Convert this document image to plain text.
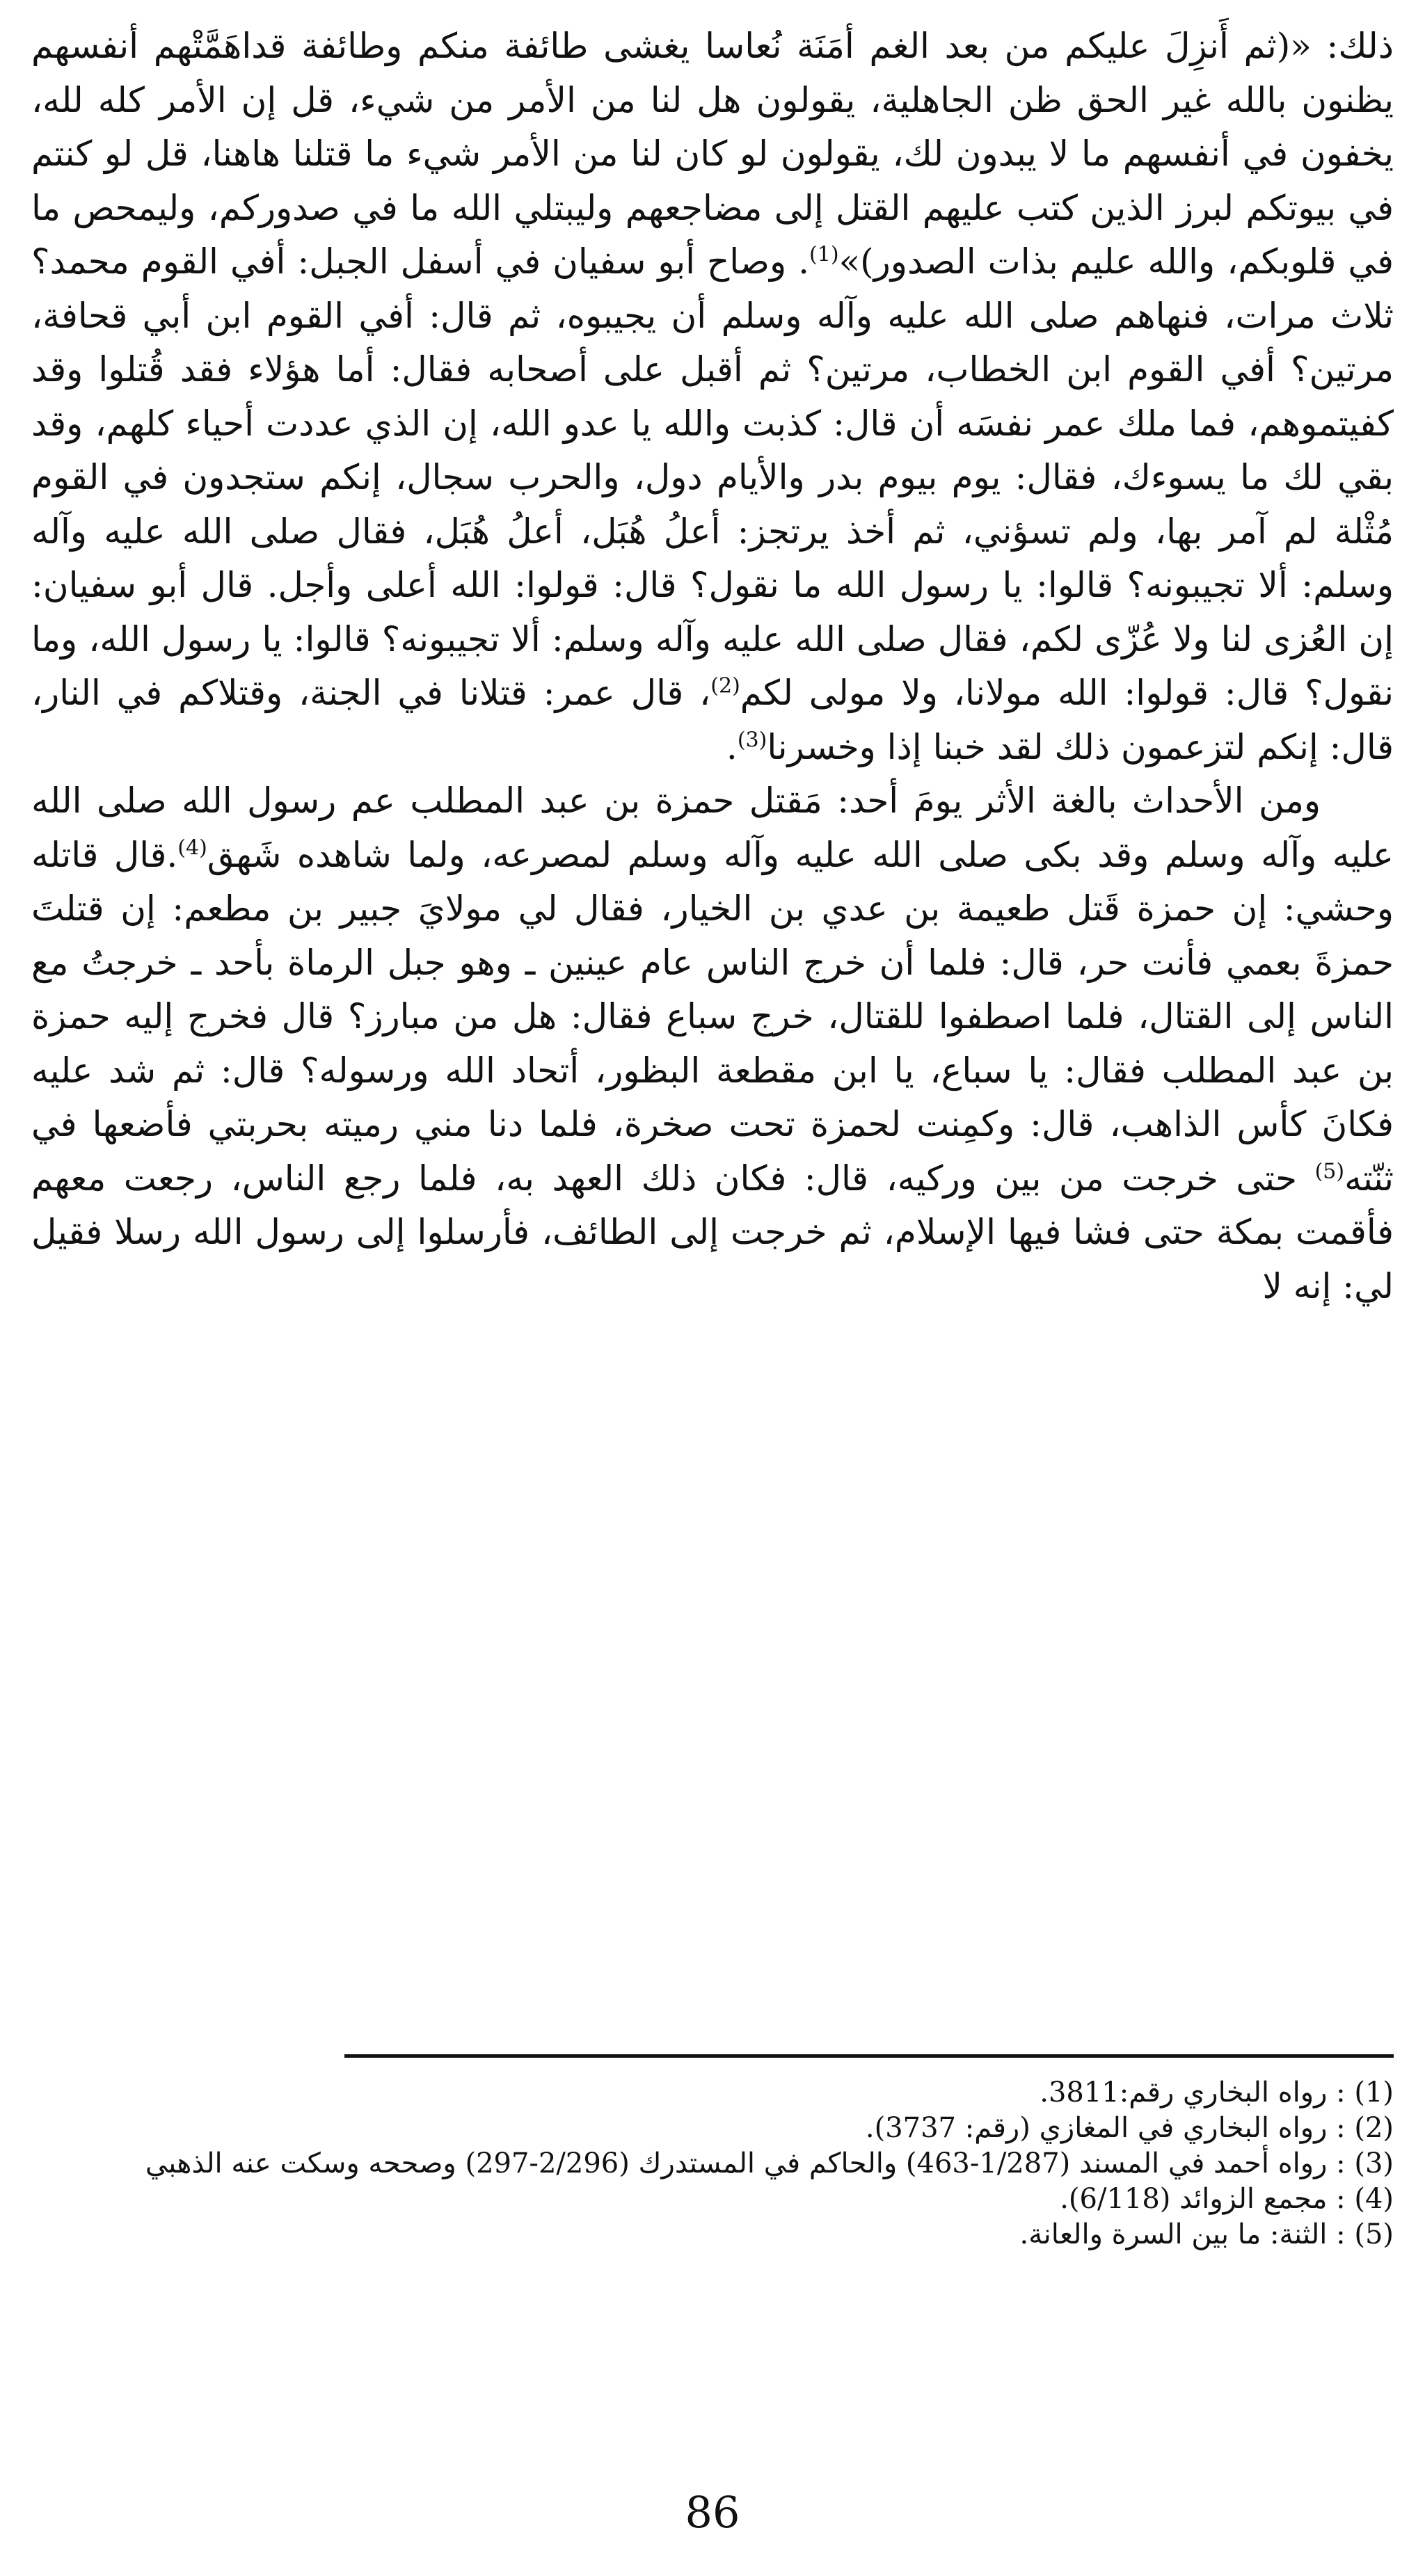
ذلك: «(ثم أَنزِلَ عليكم من بعد الغم أمَنَة نُعاسا يغشى طائفة منكم وطائفة قداهَمَّتْهم أنفسهم يظنون بالله غير الحق ظن الجاهلية، يقولون هل لنا من الأمر من شيء، قل إن الأمر كله لله، يخفون في أنفسهم ما لا يبدون لك، يقولون لو كان لنا من الأمر شيء ما قتلنا هاهنا، قل لو كنتم في بيوتكم لبرز الذين كتب عليهم القتل إلى مضاجعهم وليبتلي الله ما في صدوركم، وليمحص ما في قلوبكم، والله عليم بذات الصدور)»$^{(1)}$. وصاح أبو سفيان في أسفل الجبل: أفي القوم محمد؟ ثلاث مرات، فنهاهم صلى الله عليه وآله وسلم أن يجيبوه، ثم قال: أفي القوم ابن أبي قحافة، مرتين؟ أفي القوم ابن الخطاب، مرتين؟ ثم أقبل على أصحابه فقال: أما هؤلاء فقد قُتلوا وقد كفيتموهم، فما ملك عمر نفسَه أن قال: كذبت والله يا عدو الله، إن الذي عددت أحياء كلهم، وقد بقي لك ما يسوءك، فقال: يوم بيوم بدر والأيام دول، والحرب سجال، إنكم ستجدون في القوم مُثْلة لم آمر بها، ولم تسؤني، ثم أخذ يرتجز: أعلُ هُبَل، أعلُ هُبَل، فقال صلى الله عليه وآله وسلم: ألا تجيبونه؟ قالوا: يا رسول الله ما نقول؟ قال: قولوا: الله أعلى وأجل. قال أبو سفيان: إن العُزى لنا ولا عُزّى لكم، فقال صلى الله عليه وآله وسلم: ألا تجيبونه؟ قالوا: يا رسول الله، وما نقول؟ قال: قولوا: الله مولانا، ولا مولى لكم$^{(2)}$، قال عمر: قتلانا في الجنة، وقتلاكم في النار، قال: إنكم لتزعمون ذلك لقد خبنا إذا وخسرنا$^{(3)}$.

ومن الأحداث بالغة الأثر يومَ أحد: مَقتل حمزة بن عبد المطلب عم رسول الله صلى الله عليه وآله وسلم وقد بكى صلى الله عليه وآله وسلم لمصرعه، ولما شاهده شَهق$^{(4)}$.قال قاتله وحشي: إن حمزة قَتل طعيمة بن عدي بن الخيار، فقال لي مولايَ جبير بن مطعم: إن قتلتَ حمزةَ بعمي فأنت حر، قال: فلما أن خرج الناس عام عينين ـ وهو جبل الرماة بأحد ـ خرجتُ مع الناس إلى القتال، فلما اصطفوا للقتال، خرج سباع فقال: هل من مبارز؟ قال فخرج إليه حمزة بن عبد المطلب فقال: يا سباع، يا ابن مقطعة البظور، أتحاد الله ورسوله؟ قال: ثم شد عليه فكانَ كأس الذاهب، قال: وكمِنت لحمزة تحت صخرة، فلما دنا مني رميته بحربتي فأضعها في ثنّته$^{(5)}$ حتى خرجت من بين وركيه، قال: فكان ذلك العهد به، فلما رجع الناس، رجعت معهم فأقمت بمكة حتى فشا فيها الإسلام، ثم خرجت إلى الطائف، فأرسلوا إلى رسول الله رسلا فقيل لي: إنه لا

(1) : رواه البخاري رقم:3811.

(2) : رواه البخاري في المغازي (رقم: 3737).

(3) : رواه أحمد في المسند (1/287-463) والحاكم في المستدرك (2/296-297) وصححه وسكت عنه الذهبي

(4) : مجمع الزوائد (6/118).

(5) : الثنة: ما بين السرة والعانة.

86
